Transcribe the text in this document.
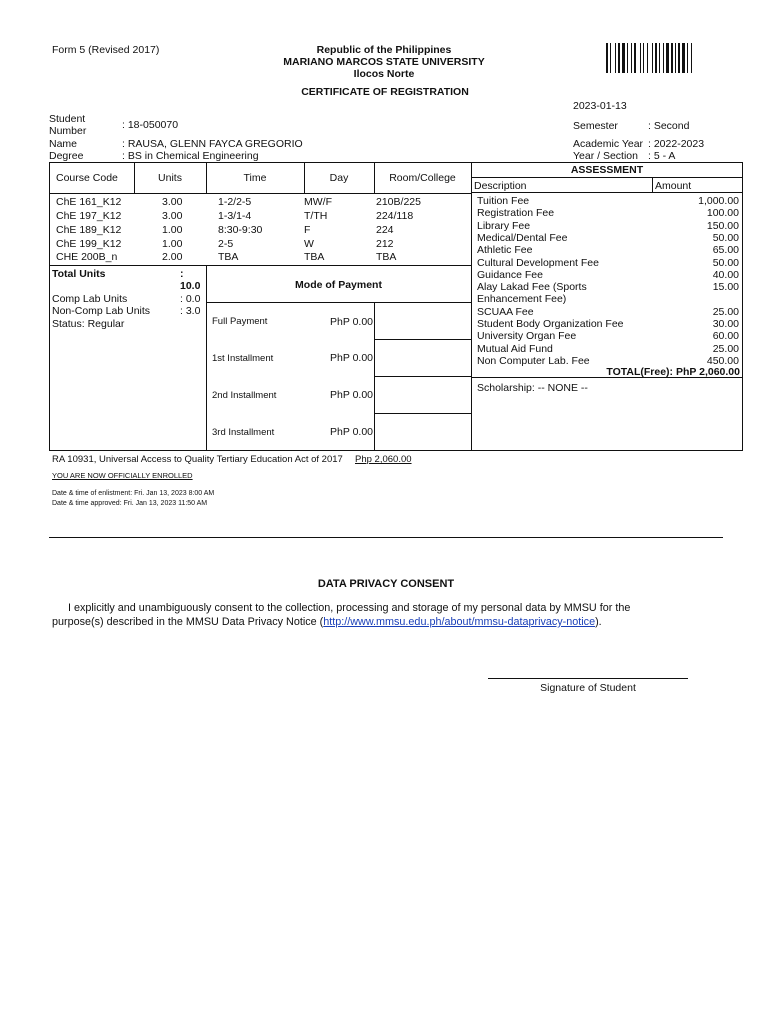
Form 5 (Revised 2017)	Republic of the Philippines
MARIANO MARCOS STATE UNIVERSITY
Ilocos Norte
CERTIFICATE OF REGISTRATION
2023-01-13
Student
Number	: 18-050070
Name	: RAUSA, GLENN FAYCA GREGORIO
Degree	: BS in Chemical Engineering
Semester	: Second
Academic Year : 2022-2023
Year / Section : 5 - A
Course Code	Units	Time	Day	Room/College
ChE 161_K12	3.00	1-2/2-5	MW/F	210B/225
ChE 197_K12	3.00	1-3/1-4	T/TH	224/118
ChE 189_K12	1.00	8:30-9:30	F	224
ChE 199_K12	1.00	2-5	W	212
CHE 200B_n	2.00	TBA	TBA	TBA
Total Units	:
10.0
Comp Lab Units	: 0.0
Non-Comp Lab Units	: 3.0
Status: Regular
Mode of Payment
Full Payment	PhP 0.00
1st Installment	PhP 0.00
2nd Installment	PhP 0.00
3rd Installment	PhP 0.00
ASSESSMENT
Description	Amount
Tuition Fee	1,000.00
Registration Fee	100.00
Library Fee	150.00
Medical/Dental Fee	50.00
Athletic Fee	65.00
Cultural Development Fee	50.00
Guidance Fee	40.00
Alay Lakad Fee (Sports	15.00
Enhancement Fee)
SCUAA Fee	25.00
Student Body Organization Fee	30.00
University Organ Fee	60.00
Mutual Aid Fund	25.00
Non Computer Lab. Fee	450.00
TOTAL(Free): PhP 2,060.00
Scholarship: -- NONE --
RA 10931, Universal Access to Quality Tertiary Education Act of 2017 Php 2,060.00
YOU ARE NOW OFFICIALLY ENROLLED
Date & time of enlistment: Fri. Jan 13, 2023 8:00 AM
Date & time approved: Fri. Jan 13, 2023 11:50 AM
DATA PRIVACY CONSENT
I explicitly and unambiguously consent to the collection, processing and storage of my personal data by MMSU for the
purpose(s) described in the MMSU Data Privacy Notice (http://www.mmsu.edu.ph/about/mmsu-dataprivacy-notice).
Signature of Student
